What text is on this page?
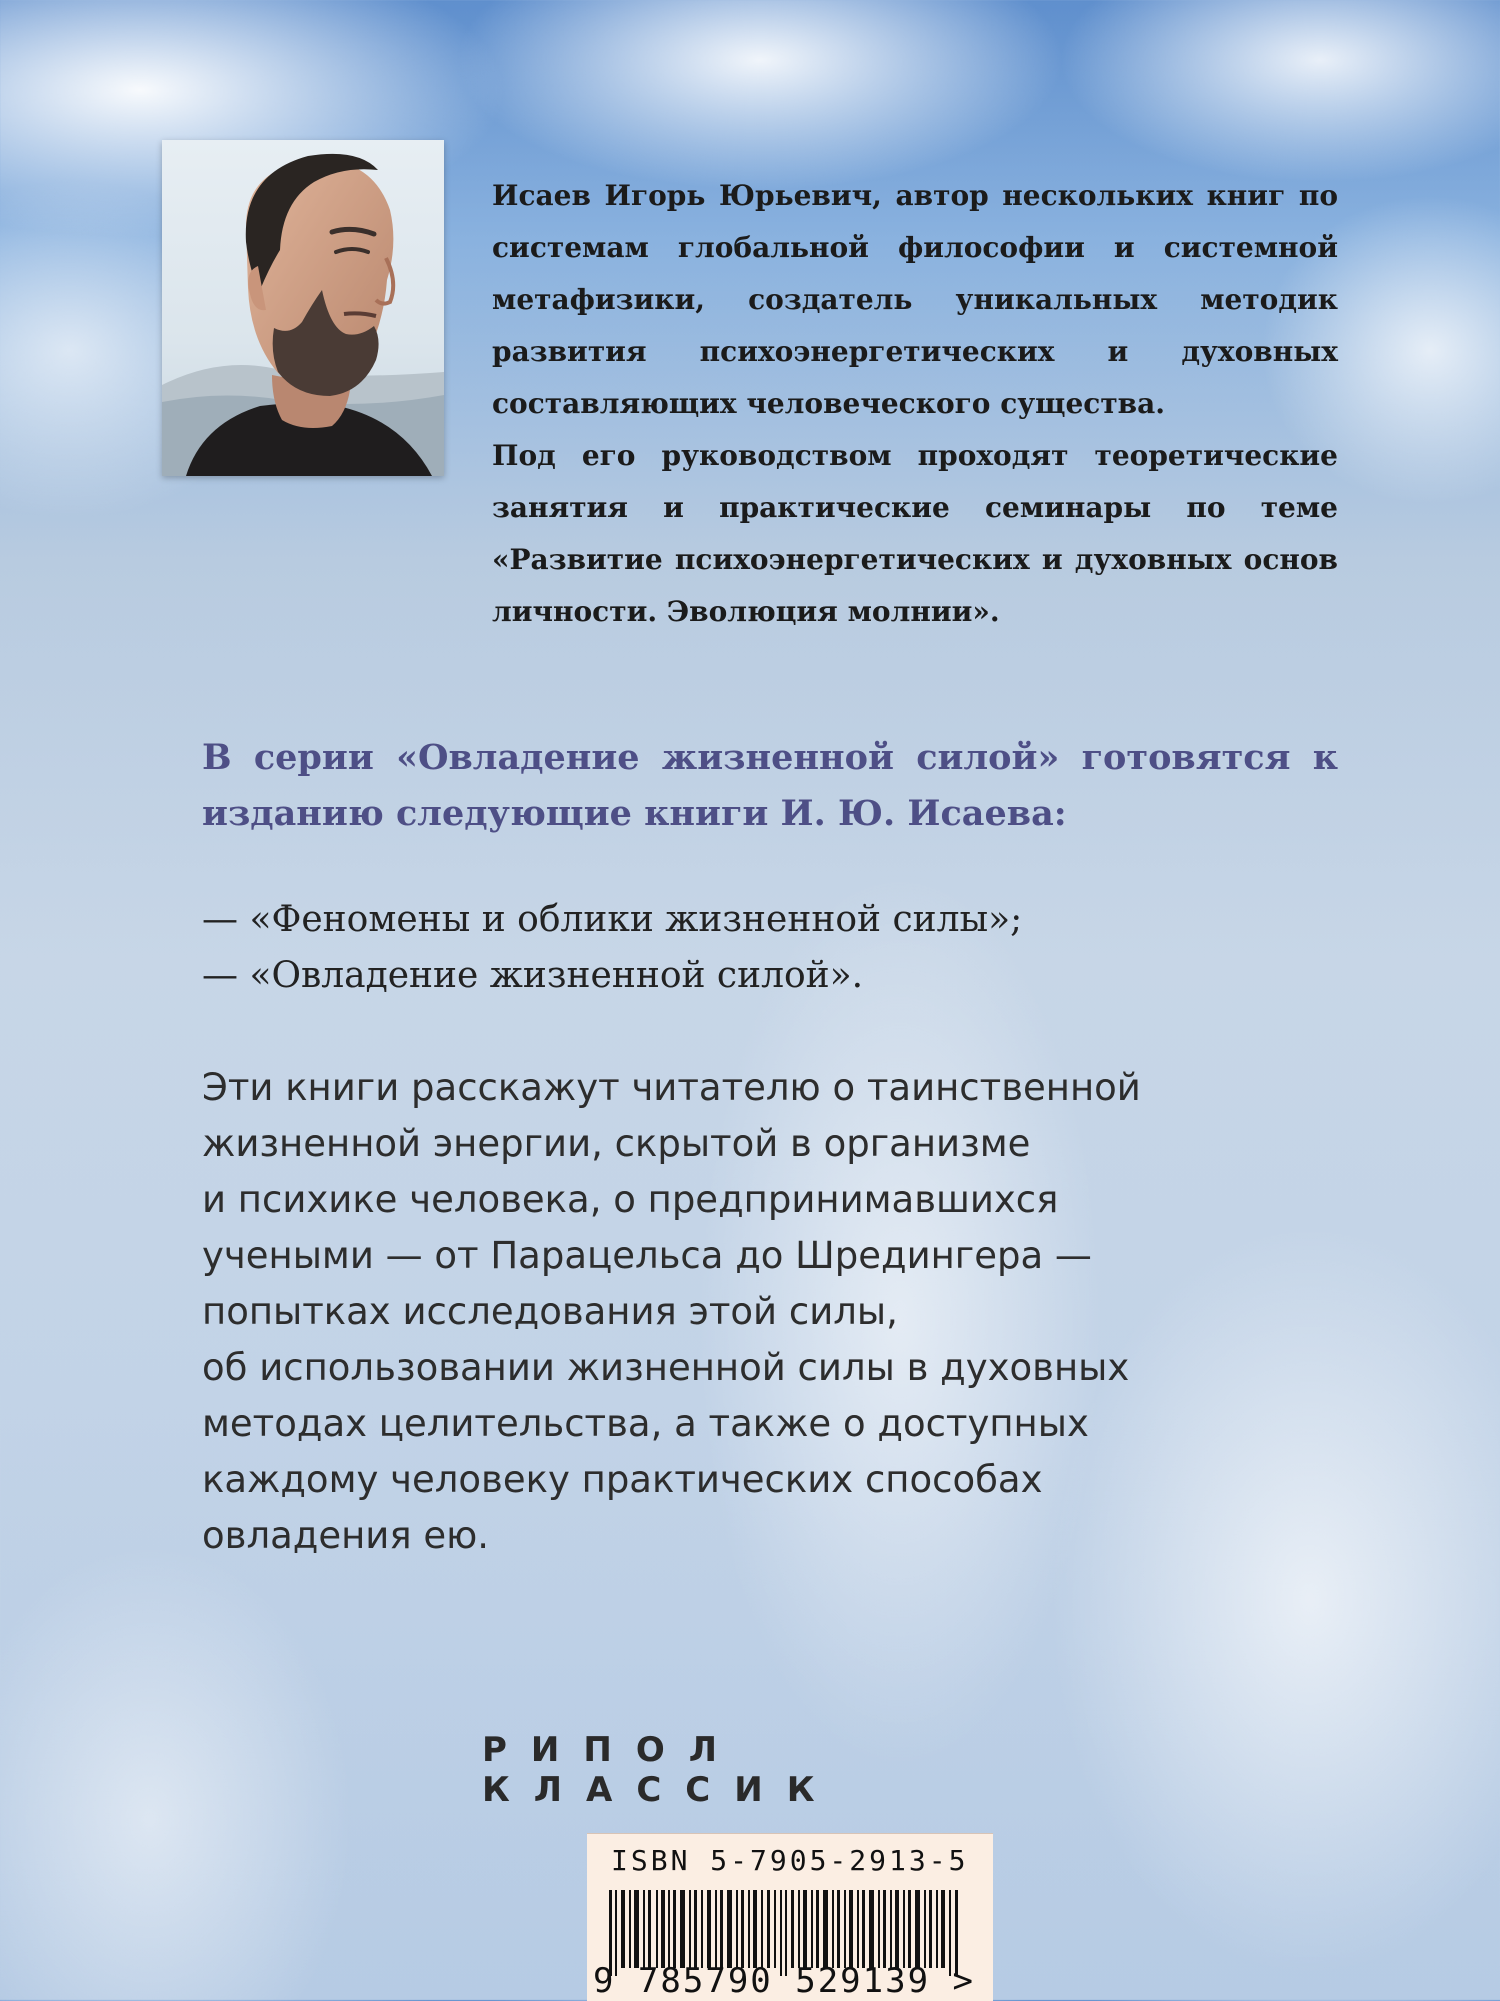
Исаев Игорь Юрьевич, автор нескольких книг по системам глобальной философии и системной метафизики, создатель уникальных методик развития психоэнергетических и духовных составляющих человеческого существа.

Под его руководством проходят теоретические занятия и практические семинары по теме «Развитие психоэнергетических и духовных основ личности. Эволюция молнии».

В серии «Овладение жизненной силой» готовятся к изданию следующие книги И. Ю. Исаева:

— «Феномены и облики жизненной силы»;
— «Овладение жизненной силой».
Эти книги расскажут читателю о таинственной
жизненной энергии, скрытой в организме
и психике человека, о предпринимавшихся
учеными — от Парацельса до Шредингера —
попытках исследования этой силы,
об использовании жизненной силы в духовных
методах целительства, а также о доступных
каждому человеку практических способах
овладения ею.
РИПОЛ КЛАССИК
ISBN 5-7905-2913-5
9 785790 529139 >
